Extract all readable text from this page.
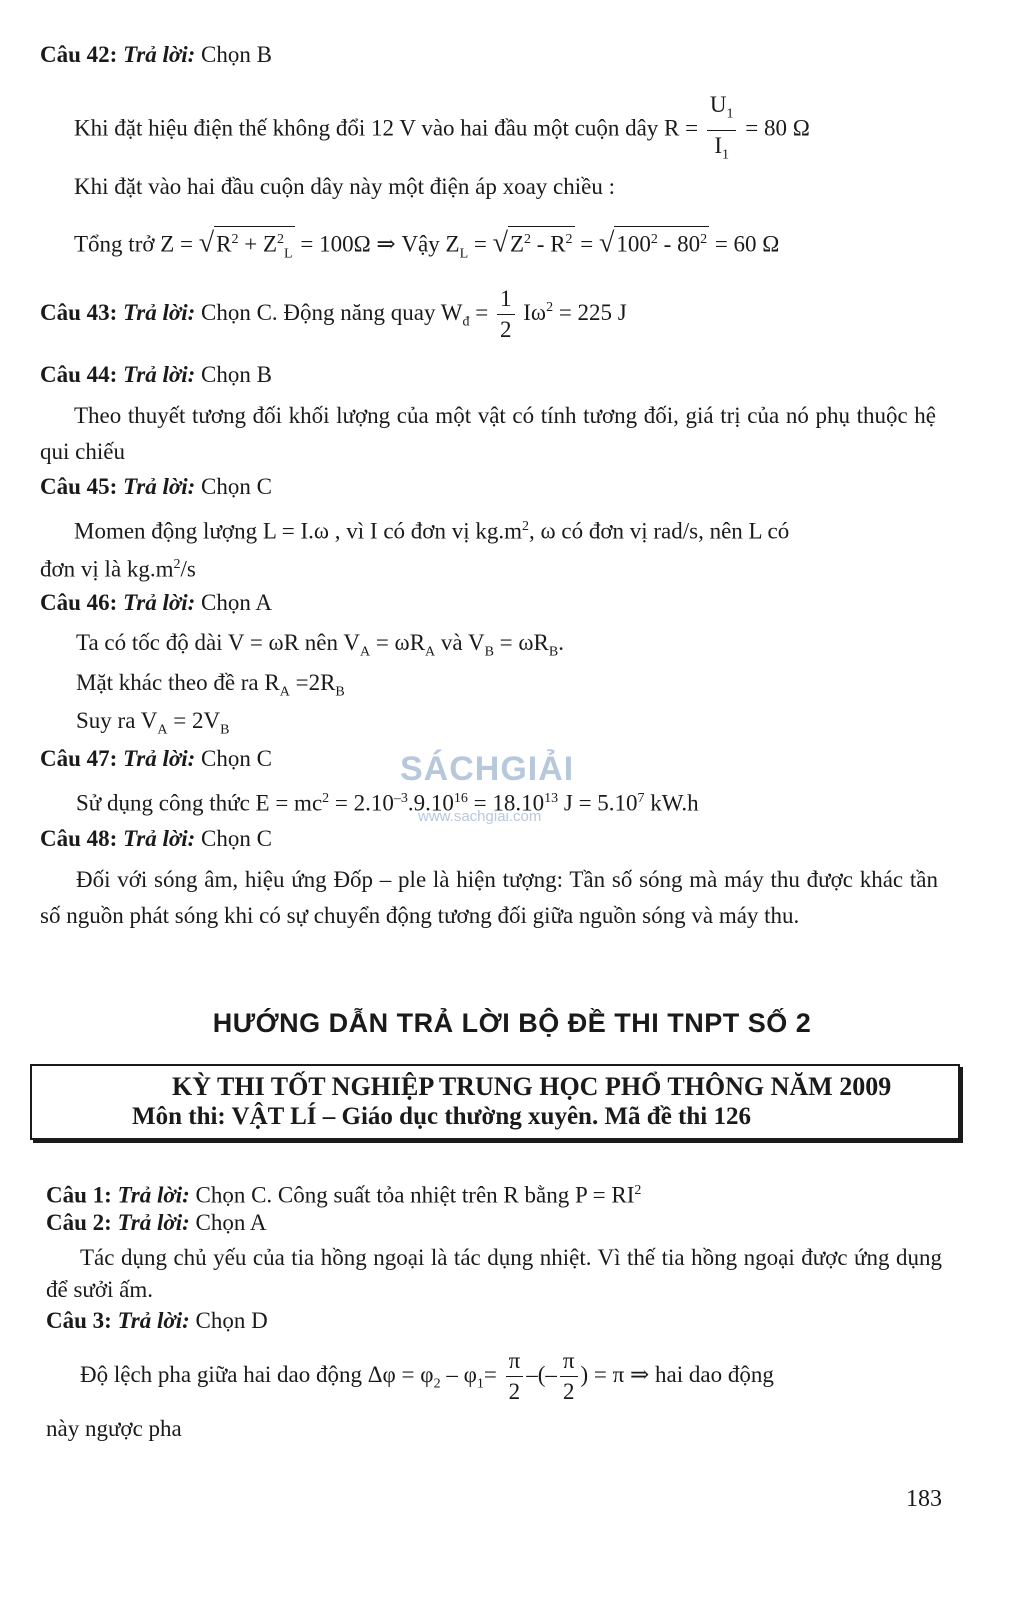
Câu 42: Trả lời: Chọn B
Khi đặt hiệu điện thế không đổi 12 V vào hai đầu một cuộn dây $R = \frac{U_1}{I_1} = 80$ Ω
Khi đặt vào hai đầu cuộn dây này một điện áp xoay chiều :
Tổng trở $Z = √R^2 + Z^2_L = 100\Omega$ ⇒ Vậy $Z_L = √Z^2 - R^2 = √100^2 - 80^2 = 60$ Ω
Câu 43: Trả lời: Chọn C. Động năng quay $W_đ = \frac{1}{2} I\omega^2 = 225$ J
Câu 44: Trả lời: Chọn B
Theo thuyết tương đối khối lượng của một vật có tính tương đối, giá trị của nó phụ thuộc hệ qui chiếu
Câu 45: Trả lời: Chọn C
Momen động lượng L = I.ω , vì I có đơn vị $kg.m^2$, ω có đơn vị rad/s, nên L có
đơn vị là $kg.m^2/s$
Câu 46: Trả lời: Chọn A
Ta có tốc độ dài V = ωR nên $V_A = \omega R_A$ và $V_B = \omega R_B$.
Mặt khác theo đề ra $R_A =2R_B$
Suy ra $V_A = 2V_B$
Câu 47: Trả lời: Chọn C
Sử dụng công thức $E = mc^2 = 2.10^{-3}.9.10^{16} = 18.10^{13}$ $J = 5.10^7$ kW.h
SÁCHGIẢI
www.sachgiai.com
Câu 48: Trả lời: Chọn C
Đối với sóng âm, hiệu ứng Đốp – ple là hiện tượng: Tần số sóng mà máy thu được khác tần số nguồn phát sóng khi có sự chuyển động tương đối giữa nguồn sóng và máy thu.
HƯỚNG DẪN TRẢ LỜI BỘ ĐỀ THI TNPT SỐ 2
KỲ THI TỐT NGHIỆP TRUNG HỌC PHỔ THÔNG NĂM 2009
Môn thi: VẬT LÍ – Giáo dục thường xuyên. Mã đề thi 126
Câu 1: Trả lời: Chọn C. Công suất tỏa nhiệt trên R bằng $P = RI^2$
Câu 2: Trả lời: Chọn A
Tác dụng chủ yếu của tia hồng ngoại là tác dụng nhiệt. Vì thế tia hồng ngoại được ứng dụng để sưởi ấm.
Câu 3: Trả lời: Chọn D
Độ lệch pha giữa hai dao động $\Delta\varphi = \varphi_2 - \varphi_1= \frac{\pi}{2}$ –(– $\frac{\pi}{2}$ ) = π ⇒ hai dao động
này ngược pha
183
